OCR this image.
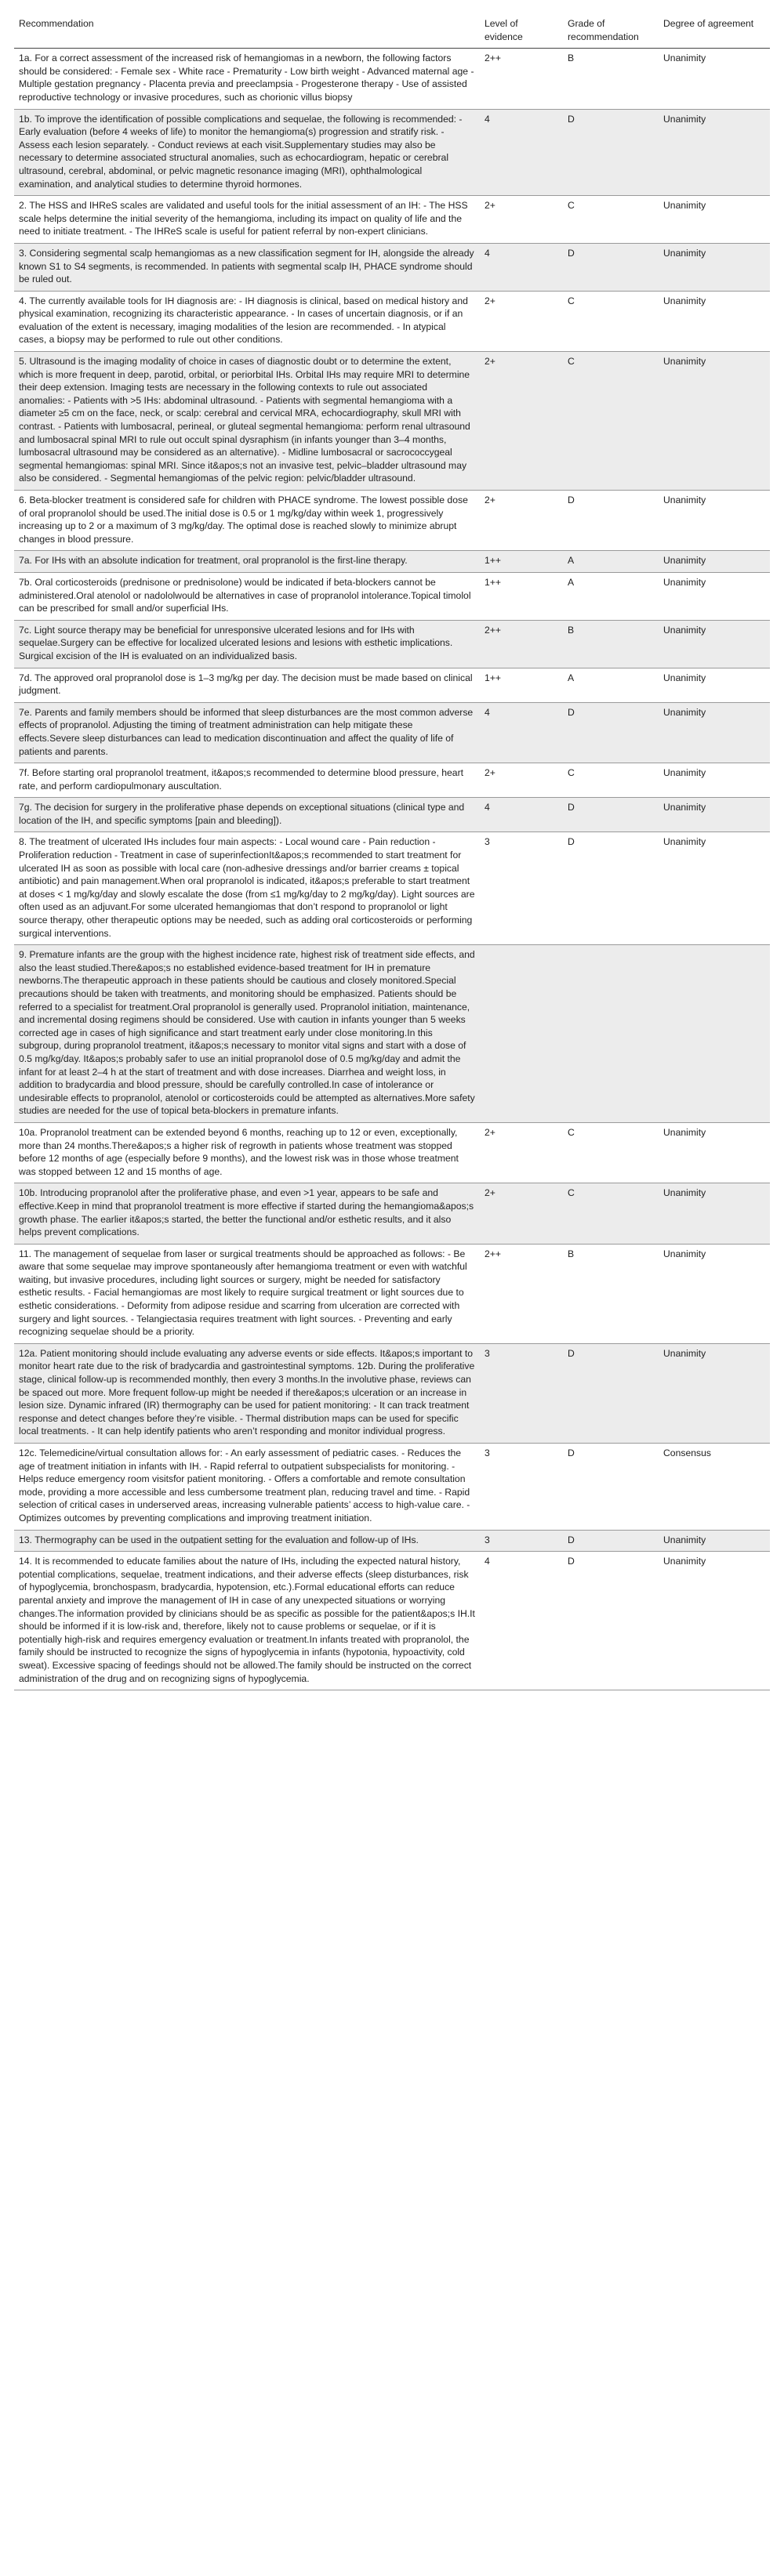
Recommendation	Level of evidence	Grade of recommendation	Degree of agreement
1a. For a correct assessment of the increased risk of hemangiomas in a newborn, the following factors should be considered: - Female sex - White race - Prematurity - Low birth weight - Advanced maternal age - Multiple gestation pregnancy - Placenta previa and preeclampsia - Progesterone therapy - Use of assisted reproductive technology or invasive procedures, such as chorionic villus biopsy	2++	B	Unanimity
1b. To improve the identification of possible complications and sequelae, the following is recommended: - Early evaluation (before 4 weeks of life) to monitor the hemangioma(s) progression and stratify risk. - Assess each lesion separately. - Conduct reviews at each visit.Supplementary studies may also be necessary to determine associated structural anomalies, such as echocardiogram, hepatic or cerebral ultrasound, cerebral, abdominal, or pelvic magnetic resonance imaging (MRI), ophthalmological examination, and analytical studies to determine thyroid hormones.	4	D	Unanimity
2. The HSS and IHReS scales are validated and useful tools for the initial assessment of an IH: - The HSS scale helps determine the initial severity of the hemangioma, including its impact on quality of life and the need to initiate treatment. - The IHReS scale is useful for patient referral by non-expert clinicians.	2+	C	Unanimity
3. Considering segmental scalp hemangiomas as a new classification segment for IH, alongside the already known S1 to S4 segments, is recommended. In patients with segmental scalp IH, PHACE syndrome should be ruled out.	4	D	Unanimity
4. The currently available tools for IH diagnosis are: - IH diagnosis is clinical, based on medical history and physical examination, recognizing its characteristic appearance. - In cases of uncertain diagnosis, or if an evaluation of the extent is necessary, imaging modalities of the lesion are recommended. - In atypical cases, a biopsy may be performed to rule out other conditions.	2+	C	Unanimity
5. Ultrasound is the imaging modality of choice in cases of diagnostic doubt or to determine the extent, which is more frequent in deep, parotid, orbital, or periorbital IHs. Orbital IHs may require MRI to determine their deep extension. Imaging tests are necessary in the following contexts to rule out associated anomalies: - Patients with >5 IHs: abdominal ultrasound. - Patients with segmental hemangioma with a diameter ≥5 cm on the face, neck, or scalp: cerebral and cervical MRA, echocardiography, skull MRI with contrast. - Patients with lumbosacral, perineal, or gluteal segmental hemangioma: perform renal ultrasound and lumbosacral spinal MRI to rule out occult spinal dysraphism (in infants younger than 3–4 months, lumbosacral ultrasound may be considered as an alternative). - Midline lumbosacral or sacrococcygeal segmental hemangiomas: spinal MRI. Since it&apos;s not an invasive test, pelvic–bladder ultrasound may also be considered. - Segmental hemangiomas of the pelvic region: pelvic/bladder ultrasound.	2+	C	Unanimity
6. Beta-blocker treatment is considered safe for children with PHACE syndrome. The lowest possible dose of oral propranolol should be used.The initial dose is 0.5 or 1 mg/kg/day within week 1, progressively increasing up to 2 or a maximum of 3 mg/kg/day. The optimal dose is reached slowly to minimize abrupt changes in blood pressure.	2+	D	Unanimity
7a. For IHs with an absolute indication for treatment, oral propranolol is the first-line therapy.	1++	A	Unanimity
7b. Oral corticosteroids (prednisone or prednisolone) would be indicated if beta-blockers cannot be administered.Oral atenolol or nadololwould be alternatives in case of propranolol intolerance.Topical timolol can be prescribed for small and/or superficial IHs.	1++	A	Unanimity
7c. Light source therapy may be beneficial for unresponsive ulcerated lesions and for IHs with sequelae.Surgery can be effective for localized ulcerated lesions and lesions with esthetic implications. Surgical excision of the IH is evaluated on an individualized basis.	2++	B	Unanimity
7d. The approved oral propranolol dose is 1–3 mg/kg per day. The decision must be made based on clinical judgment.	1++	A	Unanimity
7e. Parents and family members should be informed that sleep disturbances are the most common adverse effects of propranolol. Adjusting the timing of treatment administration can help mitigate these effects.Severe sleep disturbances can lead to medication discontinuation and affect the quality of life of patients and parents.	4	D	Unanimity
7f. Before starting oral propranolol treatment, it&apos;s recommended to determine blood pressure, heart rate, and perform cardiopulmonary auscultation.	2+	C	Unanimity
7g. The decision for surgery in the proliferative phase depends on exceptional situations (clinical type and location of the IH, and specific symptoms [pain and bleeding]).	4	D	Unanimity
8. The treatment of ulcerated IHs includes four main aspects: - Local wound care - Pain reduction - Proliferation reduction - Treatment in case of superinfectionIt&apos;s recommended to start treatment for ulcerated IH as soon as possible with local care (non-adhesive dressings and/or barrier creams ± topical antibiotic) and pain management.When oral propranolol is indicated, it&apos;s preferable to start treatment at doses < 1 mg/kg/day and slowly escalate the dose (from ≤1 mg/kg/day to 2 mg/kg/day). Light sources are often used as an adjuvant.For some ulcerated hemangiomas that don’t respond to propranolol or light source therapy, other therapeutic options may be needed, such as adding oral corticosteroids or performing surgical interventions.	3	D	Unanimity
9. Premature infants are the group with the highest incidence rate, highest risk of treatment side effects, and also the least studied.There&apos;s no established evidence-based treatment for IH in premature newborns.The therapeutic approach in these patients should be cautious and closely monitored.Special precautions should be taken with treatments, and monitoring should be emphasized. Patients should be referred to a specialist for treatment.Oral propranolol is generally used. Propranolol initiation, maintenance, and incremental dosing regimens should be considered. Use with caution in infants younger than 5 weeks corrected age in cases of high significance and start treatment early under close monitoring.In this subgroup, during propranolol treatment, it&apos;s necessary to monitor vital signs and start with a dose of 0.5 mg/kg/day. It&apos;s probably safer to use an initial propranolol dose of 0.5 mg/kg/day and admit the infant for at least 2–4 h at the start of treatment and with dose increases. Diarrhea and weight loss, in addition to bradycardia and blood pressure, should be carefully controlled.In case of intolerance or undesirable effects to propranolol, atenolol or corticosteroids could be attempted as alternatives.More safety studies are needed for the use of topical beta-blockers in premature infants.			
10a. Propranolol treatment can be extended beyond 6 months, reaching up to 12 or even, exceptionally, more than 24 months.There&apos;s a higher risk of regrowth in patients whose treatment was stopped before 12 months of age (especially before 9 months), and the lowest risk was in those whose treatment was stopped between 12 and 15 months of age.	2+	C	Unanimity
10b. Introducing propranolol after the proliferative phase, and even >1 year, appears to be safe and effective.Keep in mind that propranolol treatment is more effective if started during the hemangioma&apos;s growth phase. The earlier it&apos;s started, the better the functional and/or esthetic results, and it also helps prevent complications.	2+	C	Unanimity
11. The management of sequelae from laser or surgical treatments should be approached as follows: - Be aware that some sequelae may improve spontaneously after hemangioma treatment or even with watchful waiting, but invasive procedures, including light sources or surgery, might be needed for satisfactory esthetic results. - Facial hemangiomas are most likely to require surgical treatment or light sources due to esthetic considerations. - Deformity from adipose residue and scarring from ulceration are corrected with surgery and light sources. - Telangiectasia requires treatment with light sources. - Preventing and early recognizing sequelae should be a priority.	2++	B	Unanimity
12a. Patient monitoring should include evaluating any adverse events or side effects. It&apos;s important to monitor heart rate due to the risk of bradycardia and gastrointestinal symptoms. 12b. During the proliferative stage, clinical follow-up is recommended monthly, then every 3 months.In the involutive phase, reviews can be spaced out more. More frequent follow-up might be needed if there&apos;s ulceration or an increase in lesion size. Dynamic infrared (IR) thermography can be used for patient monitoring: - It can track treatment response and detect changes before they’re visible. - Thermal distribution maps can be used for specific local treatments. - It can help identify patients who aren’t responding and monitor individual progress.	3	D	Unanimity
12c. Telemedicine/virtual consultation allows for: - An early assessment of pediatric cases. - Reduces the age of treatment initiation in infants with IH. - Rapid referral to outpatient subspecialists for monitoring. - Helps reduce emergency room visitsfor patient monitoring. - Offers a comfortable and remote consultation mode, providing a more accessible and less cumbersome treatment plan, reducing travel and time. - Rapid selection of critical cases in underserved areas, increasing vulnerable patients’ access to high-value care. - Optimizes outcomes by preventing complications and improving treatment initiation.	3	D	Consensus
13. Thermography can be used in the outpatient setting for the evaluation and follow-up of IHs.	3	D	Unanimity
14. It is recommended to educate families about the nature of IHs, including the expected natural history, potential complications, sequelae, treatment indications, and their adverse effects (sleep disturbances, risk of hypoglycemia, bronchospasm, bradycardia, hypotension, etc.).Formal educational efforts can reduce parental anxiety and improve the management of IH in case of any unexpected situations or worrying changes.The information provided by clinicians should be as specific as possible for the patient&apos;s IH.It should be informed if it is low-risk and, therefore, likely not to cause problems or sequelae, or if it is potentially high-risk and requires emergency evaluation or treatment.In infants treated with propranolol, the family should be instructed to recognize the signs of hypoglycemia in infants (hypotonia, hypoactivity, cold sweat). Excessive spacing of feedings should not be allowed.The family should be instructed on the correct administration of the drug and on recognizing signs of hypoglycemia.	4	D	Unanimity
